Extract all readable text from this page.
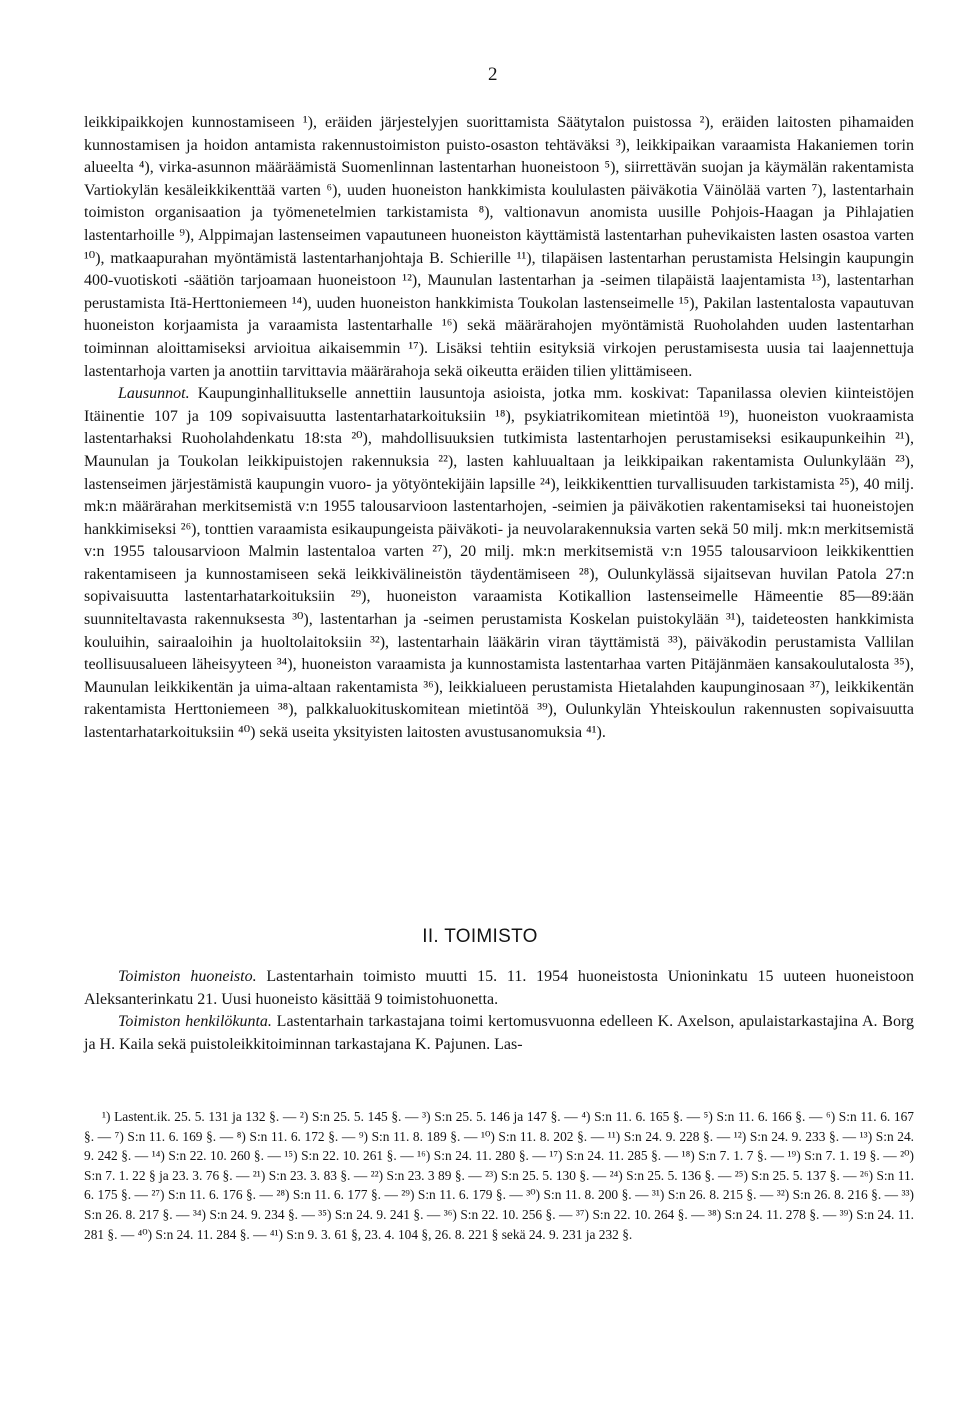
2

leikkipaikkojen kunnostamiseen ¹), eräiden järjestelyjen suorittamista Säätytalon puistossa ²), eräiden laitosten pihamaiden kunnostamisen ja hoidon antamista rakennustoimiston puisto-osaston tehtäväksi ³), leikkipaikan varaamista Hakaniemen torin alueelta ⁴), virka-asunnon määräämistä Suomenlinnan lastentarhan huoneistoon ⁵), siirrettävän suojan ja käymälän rakentamista Vartiokylän kesäleikkikenttää varten ⁶), uuden huoneiston hankkimista koululasten päiväkotia Väinölää varten ⁷), lastentarhain toimiston organisaation ja työmenetelmien tarkistamista ⁸), valtionavun anomista uusille Pohjois-Haagan ja Pihlajatien lastentarhoille ⁹), Alppimajan lastenseimen vapautuneen huoneiston käyttämistä lastentarhan puhevikaisten lasten osastoa varten ¹⁰), matkaapurahan myöntämistä lastentarhanjohtaja B. Schierille ¹¹), tilapäisen lastentarhan perustamista Helsingin kaupungin 400-vuotiskoti -säätiön tarjoamaan huoneistoon ¹²), Maunulan lastentarhan ja -seimen tilapäistä laajentamista ¹³), lastentarhan perustamista Itä-Herttoniemeen ¹⁴), uuden huoneiston hankkimista Toukolan lastenseimelle ¹⁵), Pakilan lastentalosta vapautuvan huoneiston korjaamista ja varaamista lastentarhalle ¹⁶) sekä määrärahojen myöntämistä Ruoholahden uuden lastentarhan toiminnan aloittamiseksi arvioitua aikaisemmin ¹⁷). Lisäksi tehtiin esityksiä virkojen perustamisesta uusia tai laajennettuja lastentarhoja varten ja anottiin tarvittavia määrärahoja sekä oikeutta eräiden tilien ylittämiseen.

Lausunnot. Kaupunginhallitukselle annettiin lausuntoja asioista, jotka mm. koskivat: Tapanilassa olevien kiinteistöjen Itäinentie 107 ja 109 sopivaisuutta lastentarhatarkoituksiin ¹⁸), psykiatrikomitean mietintöä ¹⁹), huoneiston vuokraamista lastentarhaksi Ruoholahdenkatu 18:sta ²⁰), mahdollisuuksien tutkimista lastentarhojen perustamiseksi esikaupunkeihin ²¹), Maunulan ja Toukolan leikkipuistojen rakennuksia ²²), lasten kahluualtaan ja leikkipaikan rakentamista Oulunkylään ²³), lastenseimen järjestämistä kaupungin vuoro- ja yötyöntekijäin lapsille ²⁴), leikkikenttien turvallisuuden tarkistamista ²⁵), 40 milj. mk:n määrärahan merkitsemistä v:n 1955 talousarvioon lastentarhojen, -seimien ja päiväkotien rakentamiseksi tai huoneistojen hankkimiseksi ²⁶), tonttien varaamista esikaupungeista päiväkoti- ja neuvolarakennuksia varten sekä 50 milj. mk:n merkitsemistä v:n 1955 talousarvioon Malmin lastentaloa varten ²⁷), 20 milj. mk:n merkitsemistä v:n 1955 talousarvioon leikkikenttien rakentamiseen ja kunnostamiseen sekä leikkivälineistön täydentämiseen ²⁸), Oulunkylässä sijaitsevan huvilan Patola 27:n sopivaisuutta lastentarhatarkoituksiin ²⁹), huoneiston varaamista Kotikallion lastenseimelle Hämeentie 85—89:ään suunniteltavasta rakennuksesta ³⁰), lastentarhan ja -seimen perustamista Koskelan puistokylään ³¹), taideteosten hankkimista kouluihin, sairaaloihin ja huoltolaitoksiin ³²), lastentarhain lääkärin viran täyttämistä ³³), päiväkodin perustamista Vallilan teollisuusalueen läheisyyteen ³⁴), huoneiston varaamista ja kunnostamista lastentarhaa varten Pitäjänmäen kansakoulutalosta ³⁵), Maunulan leikkikentän ja uima-altaan rakentamista ³⁶), leikkialueen perustamista Hietalahden kaupunginosaan ³⁷), leikkikentän rakentamista Herttoniemeen ³⁸), palkkaluokituskomitean mietintöä ³⁹), Oulunkylän Yhteiskoulun rakennusten sopivaisuutta lastentarhatarkoituksiin ⁴⁰) sekä useita yksityisten laitosten avustusanomuksia ⁴¹).

II. TOIMISTO

Toimiston huoneisto. Lastentarhain toimisto muutti 15. 11. 1954 huoneistosta Unioninkatu 15 uuteen huoneistoon Aleksanterinkatu 21. Uusi huoneisto käsittää 9 toimistohuonetta.

Toimiston henkilökunta. Lastentarhain tarkastajana toimi kertomusvuonna edelleen K. Axelson, apulaistarkastajina A. Borg ja H. Kaila sekä puistoleikkitoiminnan tarkastajana K. Pajunen. Las-

¹) Lastent.ik. 25. 5. 131 ja 132 §. — ²) S:n 25. 5. 145 §. — ³) S:n 25. 5. 146 ja 147 §. — ⁴) S:n 11. 6. 165 §. — ⁵) S:n 11. 6. 166 §. — ⁶) S:n 11. 6. 167 §. — ⁷) S:n 11. 6. 169 §. — ⁸) S:n 11. 6. 172 §. — ⁹) S:n 11. 8. 189 §. — ¹⁰) S:n 11. 8. 202 §. — ¹¹) S:n 24. 9. 228 §. — ¹²) S:n 24. 9. 233 §. — ¹³) S:n 24. 9. 242 §. — ¹⁴) S:n 22. 10. 260 §. — ¹⁵) S:n 22. 10. 261 §. — ¹⁶) S:n 24. 11. 280 §. — ¹⁷) S:n 24. 11. 285 §. — ¹⁸) S:n 7. 1. 7 §. — ¹⁹) S:n 7. 1. 19 §. — ²⁰) S:n 7. 1. 22 § ja 23. 3. 76 §. — ²¹) S:n 23. 3. 83 §. — ²²) S:n 23. 3 89 §. — ²³) S:n 25. 5. 130 §. — ²⁴) S:n 25. 5. 136 §. — ²⁵) S:n 25. 5. 137 §. — ²⁶) S:n 11. 6. 175 §. — ²⁷) S:n 11. 6. 176 §. — ²⁸) S:n 11. 6. 177 §. — ²⁹) S:n 11. 6. 179 §. — ³⁰) S:n 11. 8. 200 §. — ³¹) S:n 26. 8. 215 §. — ³²) S:n 26. 8. 216 §. — ³³) S:n 26. 8. 217 §. — ³⁴) S:n 24. 9. 234 §. — ³⁵) S:n 24. 9. 241 §. — ³⁶) S:n 22. 10. 256 §. — ³⁷) S:n 22. 10. 264 §. — ³⁸) S:n 24. 11. 278 §. — ³⁹) S:n 24. 11. 281 §. — ⁴⁰) S:n 24. 11. 284 §. — ⁴¹) S:n 9. 3. 61 §, 23. 4. 104 §, 26. 8. 221 § sekä 24. 9. 231 ja 232 §.
